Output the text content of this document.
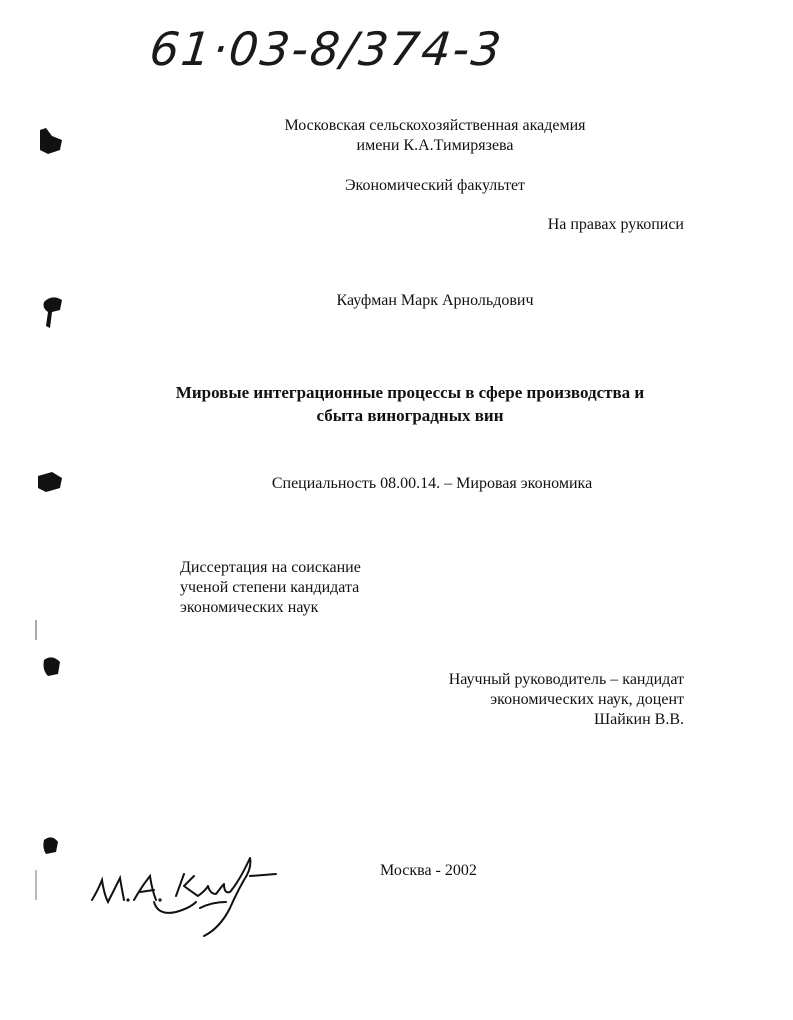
61·03-8/374-3
Московская сельскохозяйственная академия
имени К.А.Тимирязева
Экономический факультет
На правах рукописи
Кауфман Марк Арнольдович
Мировые интеграционные процессы в сфере производства и
сбыта виноградных вин
Специальность 08.00.14. – Мировая экономика
Диссертация на соискание
ученой степени кандидата
экономических наук
Научный руководитель – кандидат
экономических наук, доцент
Шайкин В.В.
Москва - 2002
